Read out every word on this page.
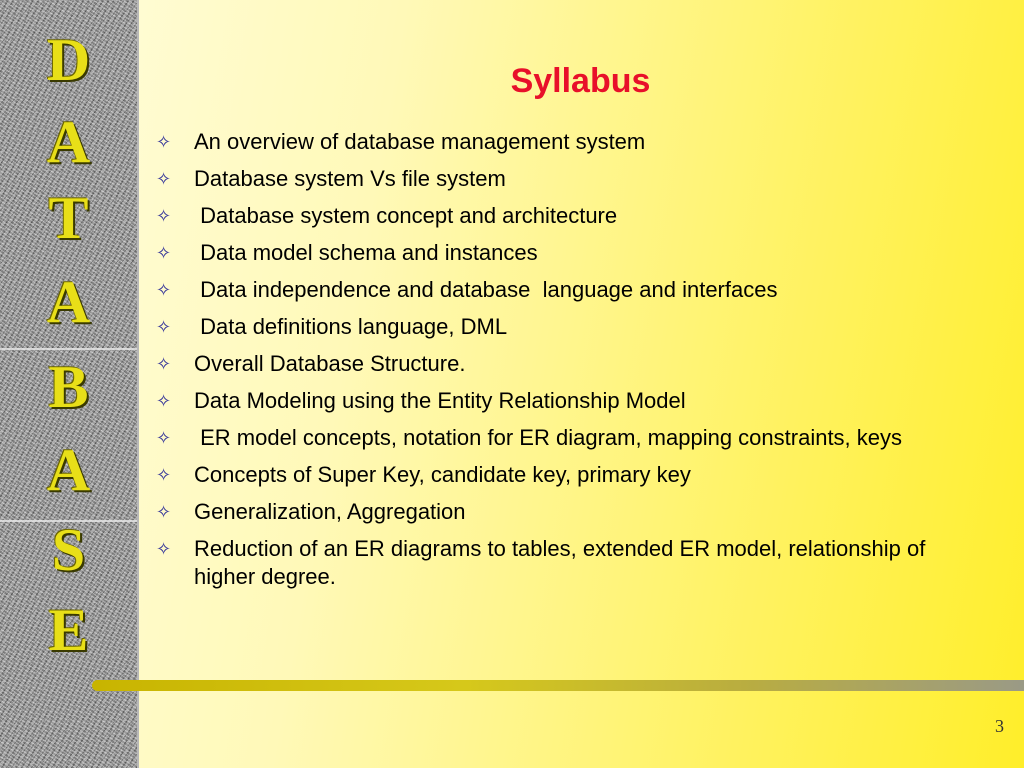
D
A
T
A
B
A
S
E
Syllabus
✧ An overview of database management system
✧ Database system Vs file system
✧ Database system concept and architecture
✧ Data model schema and instances
✧ Data independence and database  language and interfaces
✧ Data definitions language, DML
✧ Overall Database Structure.
✧ Data Modeling using the Entity Relationship Model
✧ ER model concepts, notation for ER diagram, mapping constraints, keys
✧ Concepts of Super Key, candidate key, primary key
✧ Generalization, Aggregation
✧ Reduction of an ER diagrams to tables, extended ER model, relationship of higher degree.
3
